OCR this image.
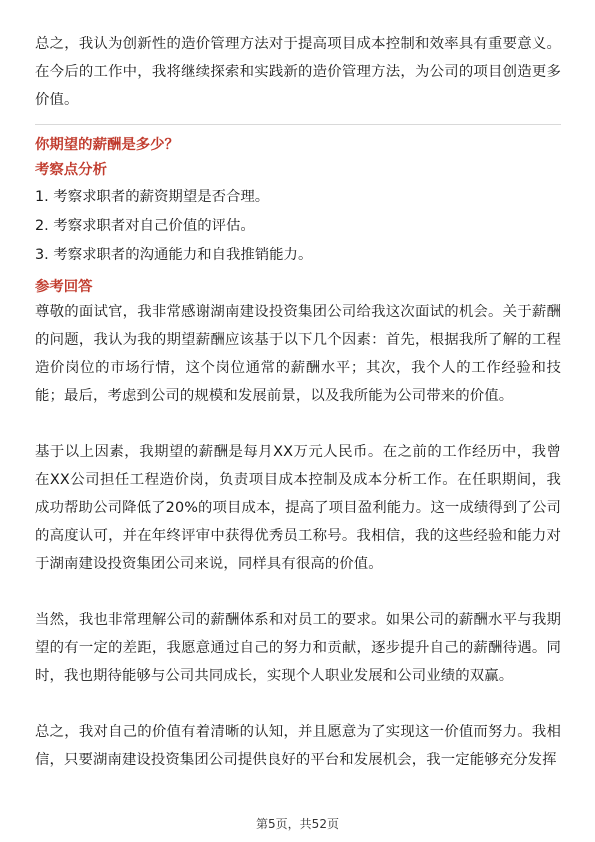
总之，我认为创新性的造价管理方法对于提高项目成本控制和效率具有重要意义。在今后的工作中，我将继续探索和实践新的造价管理方法，为公司的项目创造更多价值。

你期望的薪酬是多少？
考察点分析
1. 考察求职者的薪资期望是否合理。
2. 考察求职者对自己价值的评估。
3. 考察求职者的沟通能力和自我推销能力。
参考回答

尊敬的面试官，我非常感谢湖南建设投资集团公司给我这次面试的机会。关于薪酬的问题，我认为我的期望薪酬应该基于以下几个因素：首先，根据我所了解的工程造价岗位的市场行情，这个岗位通常的薪酬水平；其次，我个人的工作经验和技能；最后，考虑到公司的规模和发展前景，以及我所能为公司带来的价值。

基于以上因素，我期望的薪酬是每月XX万元人民币。在之前的工作经历中，我曾在XX公司担任工程造价岗，负责项目成本控制及成本分析工作。在任职期间，我成功帮助公司降低了20%的项目成本，提高了项目盈利能力。这一成绩得到了公司的高度认可，并在年终评审中获得优秀员工称号。我相信，我的这些经验和能力对于湖南建设投资集团公司来说，同样具有很高的价值。

当然，我也非常理解公司的薪酬体系和对员工的要求。如果公司的薪酬水平与我期望的有一定的差距，我愿意通过自己的努力和贡献，逐步提升自己的薪酬待遇。同时，我也期待能够与公司共同成长，实现个人职业发展和公司业绩的双赢。

总之，我对自己的价值有着清晰的认知，并且愿意为了实现这一价值而努力。我相信，只要湖南建设投资集团公司提供良好的平台和发展机会，我一定能够充分发挥

第5页，共52页
